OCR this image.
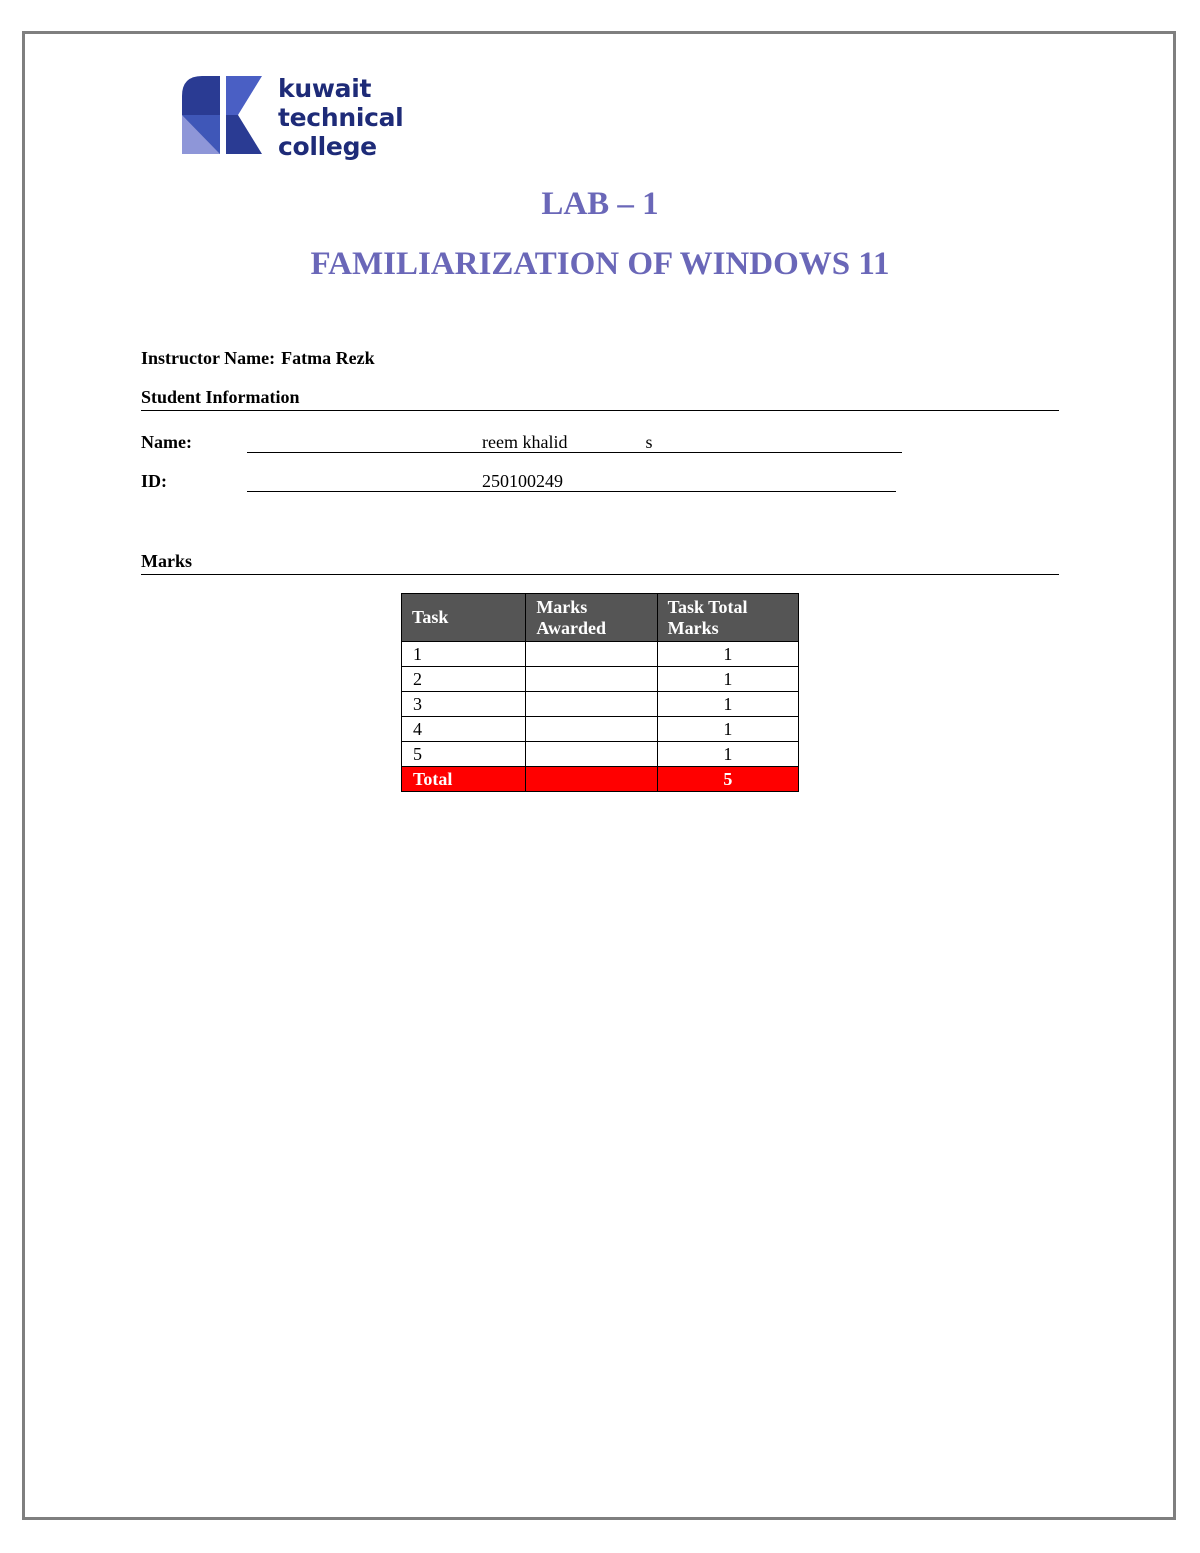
kuwait
technical
college
LAB – 1
FAMILIARIZATION OF WINDOWS 11
Instructor Name: Fatma Rezk
Student Information
Name:	reem khalid	s
ID:	250100249
Marks
Task	Marks Awarded	Task Total Marks
1		1
2		1
3		1
4		1
5		1
Total		5
